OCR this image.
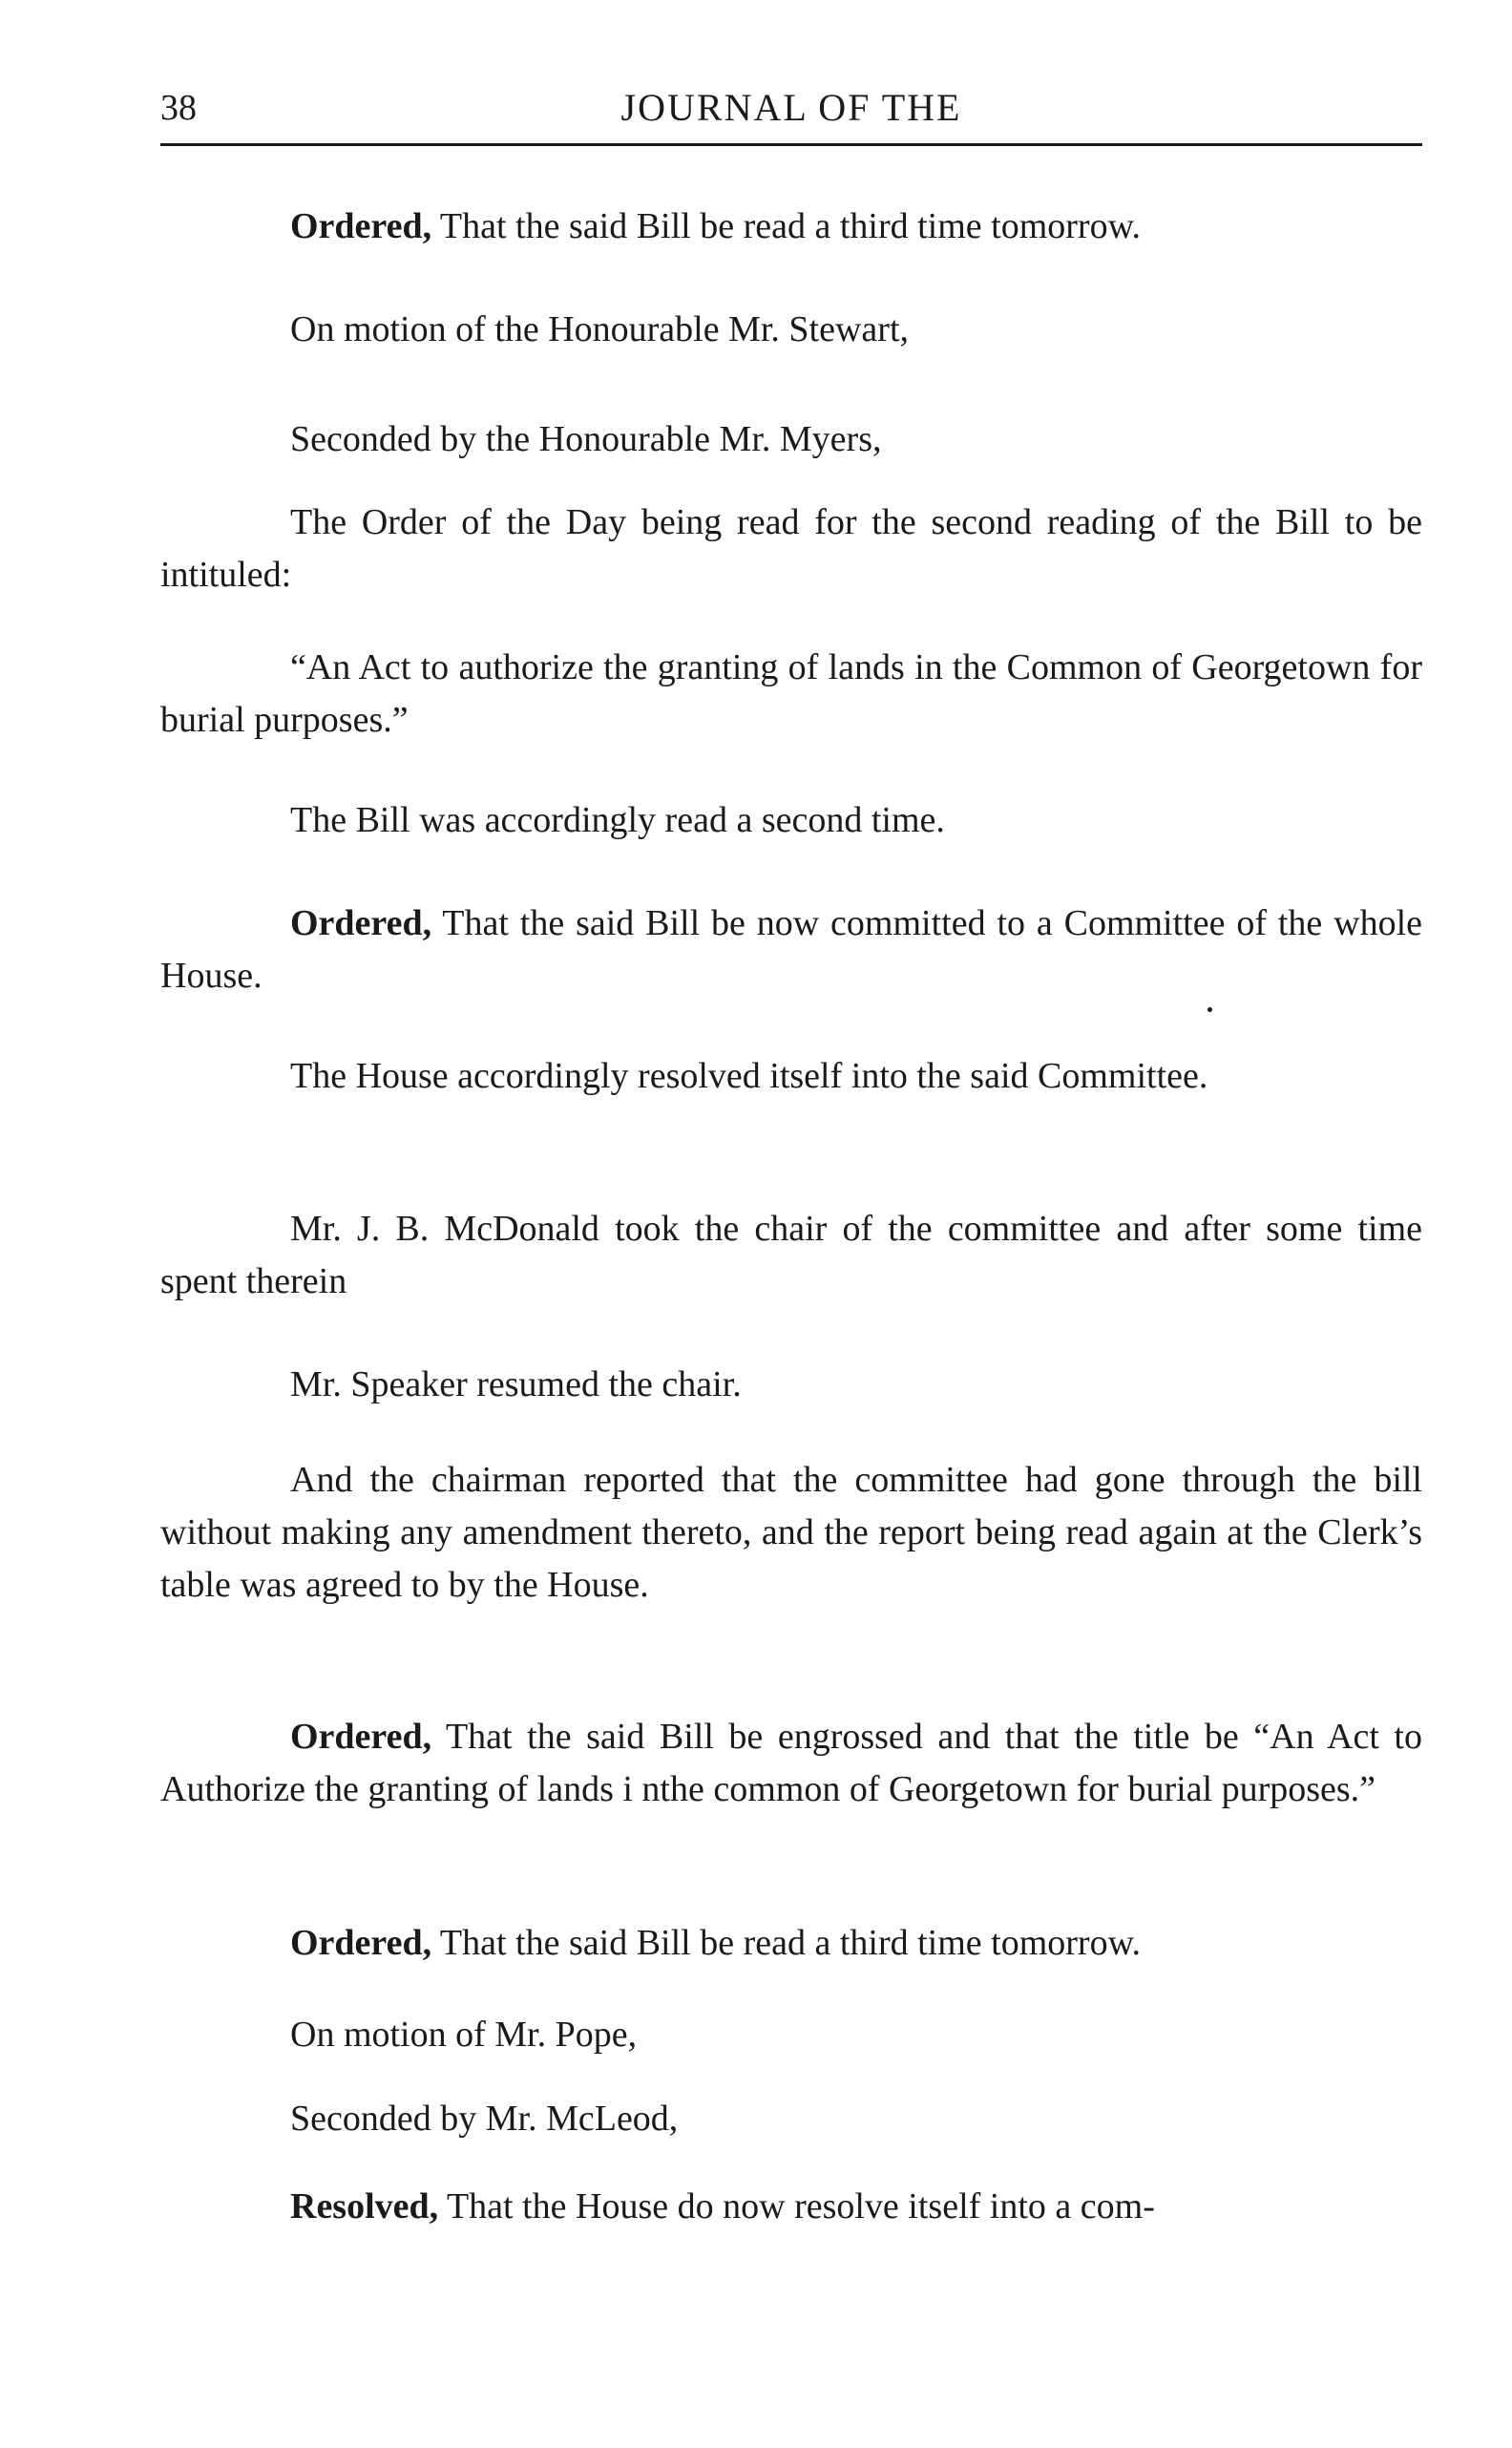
38	JOURNAL OF THE

Ordered, That the said Bill be read a third time tomorrow.

On motion of the Honourable Mr. Stewart,

Seconded by the Honourable Mr. Myers,

The Order of the Day being read for the second reading of the Bill to be intituled:

“An Act to authorize the granting of lands in the Common of Georgetown for burial purposes.”

The Bill was accordingly read a second time.

Ordered, That the said Bill be now committed to a Committee of the whole House.

The House accordingly resolved itself into the said Committee.

Mr. J. B. McDonald took the chair of the committee and after some time spent therein

Mr. Speaker resumed the chair.

And the chairman reported that the committee had gone through the bill without making any amendment thereto, and the report being read again at the Clerk’s table was agreed to by the House.

Ordered, That the said Bill be engrossed and that the title be “An Act to Authorize the granting of lands i nthe common of Georgetown for burial purposes.”

Ordered, That the said Bill be read a third time tomorrow.

On motion of Mr. Pope,

Seconded by Mr. McLeod,

Resolved, That the House do now resolve itself into a com-
